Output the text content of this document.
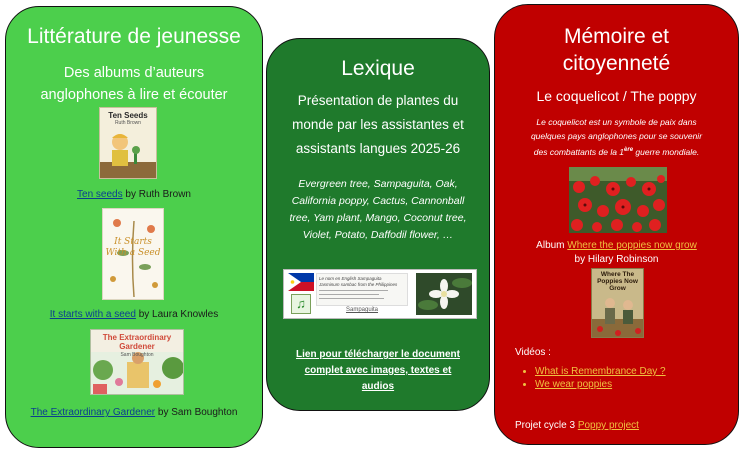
Littérature de jeunesse
Des albums d’auteurs
anglophones à lire et écouter
Ten Seeds
Ruth Brown
Ten seeds by Ruth Brown
It Starts With a Seed
It starts with a seed by Laura Knowles
The Extraordinary Gardener
Sam Boughton
The Extraordinary Gardener by Sam Boughton
Lexique
Présentation de plantes du
monde par les assistantes et
assistants langues 2025-26
Evergreen tree, Sampaguita, Oak,
California poppy, Cactus, Cannonball
tree, Yam plant, Mango, Coconut tree,
Violet, Potato, Daffodil flower, …
♫
Le nom en English Sampaguita
Jasminum sambac from the Philippines
Sampaguita
Lien pour télécharger le document
complet avec images, textes et
audios
Mémoire et
citoyenneté
Le coquelicot / The poppy
Le coquelicot est un symbole de paix dans
quelques pays anglophones pour se souvenir
des combattants de la 1ère guerre mondiale.
Album Where the poppies now grow
by Hilary Robinson
Where The Poppies Now Grow
Vidéos :
• What is Remembrance Day ?
• We wear poppies
Projet cycle 3 Poppy project
